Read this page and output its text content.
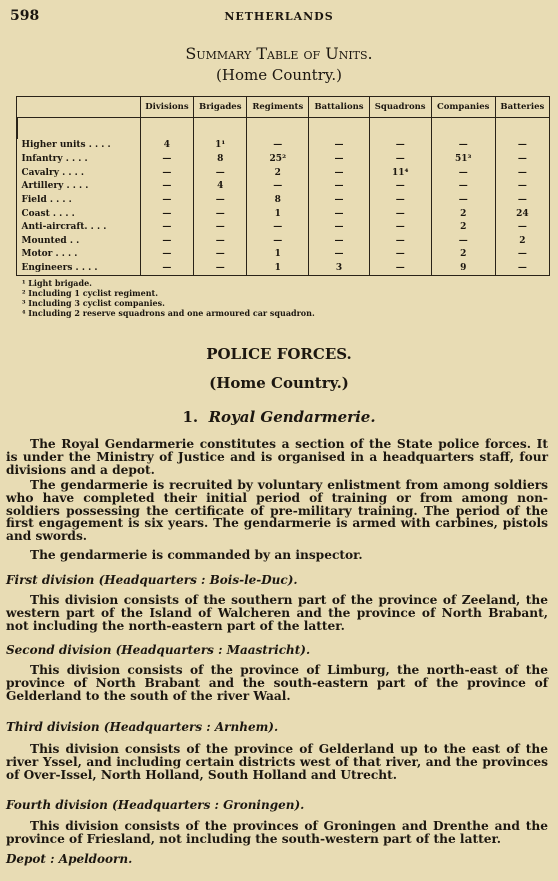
598	NETHERLANDS
Summary Table of Units.
(Home Country.)
	Divisions	Brigades	Regiments	Battalions	Squadrons	Companies	Batteries

Higher units . . . .	4	1¹	—	—	—	—	—
Infantry . . . .	—	8	25²	—	—	51³	—
Cavalry . . . .	—	—	2	—	11⁴	—	—
Artillery . . . .	—	4	—	—	—	—	—
Field . . . .	—	—	8	—	—	—	—
Coast . . . .	—	—	1	—	—	2	24
Anti-aircraft. . . .	—	—	—	—	—	2	—
Mounted . .	—	—	—	—	—	—	2
Motor . . . .	—	—	1	—	—	2	—
Engineers . . . .	—	—	1	3	—	9	—
¹ Light brigade.
² Including 1 cyclist regiment.
³ Including 3 cyclist companies.
⁴ Including 2 reserve squadrons and one armoured car squadron.
POLICE FORCES.
(Home Country.)
1. Royal Gendarmerie.
The Royal Gendarmerie constitutes a section of the State police forces. It is under the Ministry of Justice and is organised in a headquarters staff, four divisions and a depot.
The gendarmerie is recruited by voluntary enlistment from among soldiers who have completed their initial period of training or from among non-soldiers possessing the certificate of pre-military training. The period of the first engagement is six years. The gendarmerie is armed with carbines, pistols and swords.
The gendarmerie is commanded by an inspector.
First division (Headquarters : Bois-le-Duc).
This division consists of the southern part of the province of Zeeland, the western part of the Island of Walcheren and the province of North Brabant, not including the north-eastern part of the latter.
Second division (Headquarters : Maastricht).
This division consists of the province of Limburg, the north-east of the province of North Brabant and the south-eastern part of the province of Gelderland to the south of the river Waal.
Third division (Headquarters : Arnhem).
This division consists of the province of Gelderland up to the east of the river Yssel, and including certain districts west of that river, and the provinces of Over-Issel, North Holland, South Holland and Utrecht.
Fourth division (Headquarters : Groningen).
This division consists of the provinces of Groningen and Drenthe and the province of Friesland, not including the south-western part of the latter.
Depot : Apeldoorn.
